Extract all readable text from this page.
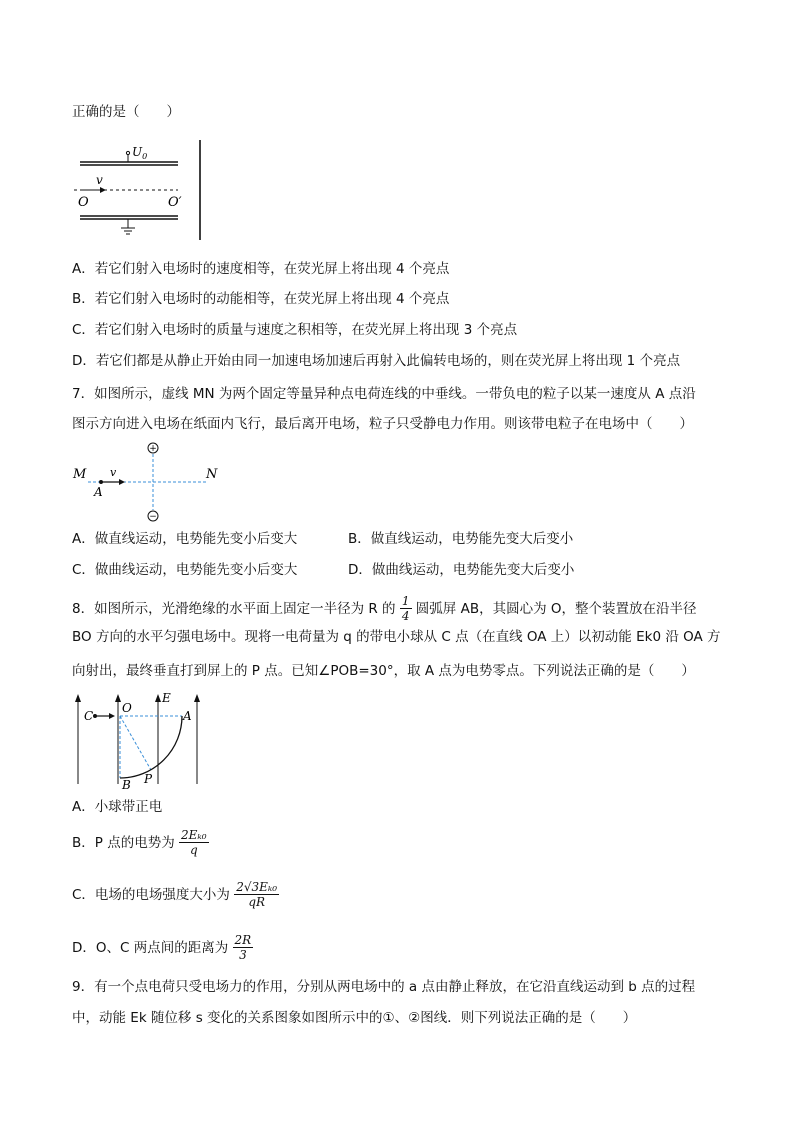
正确的是（　　）
$U_0$
v
O	O′
A．若它们射入电场时的速度相等，在荧光屏上将出现 4 个亮点
B．若它们射入电场时的动能相等，在荧光屏上将出现 4 个亮点
C．若它们射入电场时的质量与速度之积相等，在荧光屏上将出现 3 个亮点
D．若它们都是从静止开始由同一加速电场加速后再射入此偏转电场的，则在荧光屏上将出现 1 个亮点
7．如图所示，虚线 MN 为两个固定等量异种点电荷连线的中垂线。一带负电的粒子以某一速度从 A 点沿
图示方向进入电场在纸面内飞行，最后离开电场，粒子只受静电力作用。则该带电粒子在电场中（　　）
+
−
M	N
v
A
A．做直线运动，电势能先变小后变大	B．做直线运动，电势能先变大后变小
C．做曲线运动，电势能先变小后变大	D．做曲线运动，电势能先变大后变小
8．如图所示，光滑绝缘的水平面上固定一半径为 R 的 $\frac{1}{4}$ 圆弧屏 AB，其圆心为 O，整个装置放在沿半径
BO 方向的水平匀强电场中。现将一电荷量为 q 的带电小球从 C 点（在直线 OA 上）以初动能 Ek0 沿 OA 方
向射出，最终垂直打到屏上的 P 点。已知∠POB=30°，取 A 点为电势零点。下列说法正确的是（　　）
E
C
O
A
B P
A．小球带正电
B．P 点的电势为 $\frac{\text{2Eₖ₀}}{q}$
C．电场的电场强度大小为 $\frac{\text{2√3Eₖ₀}}{qR}$
D．O、C 两点间的距离为 $\frac{2R}{3}$
9．有一个点电荷只受电场力的作用，分别从两电场中的 a 点由静止释放，在它沿直线运动到 b 点的过程
中，动能 Ek 随位移 s 变化的关系图象如图所示中的①、②图线．则下列说法正确的是（　　）
